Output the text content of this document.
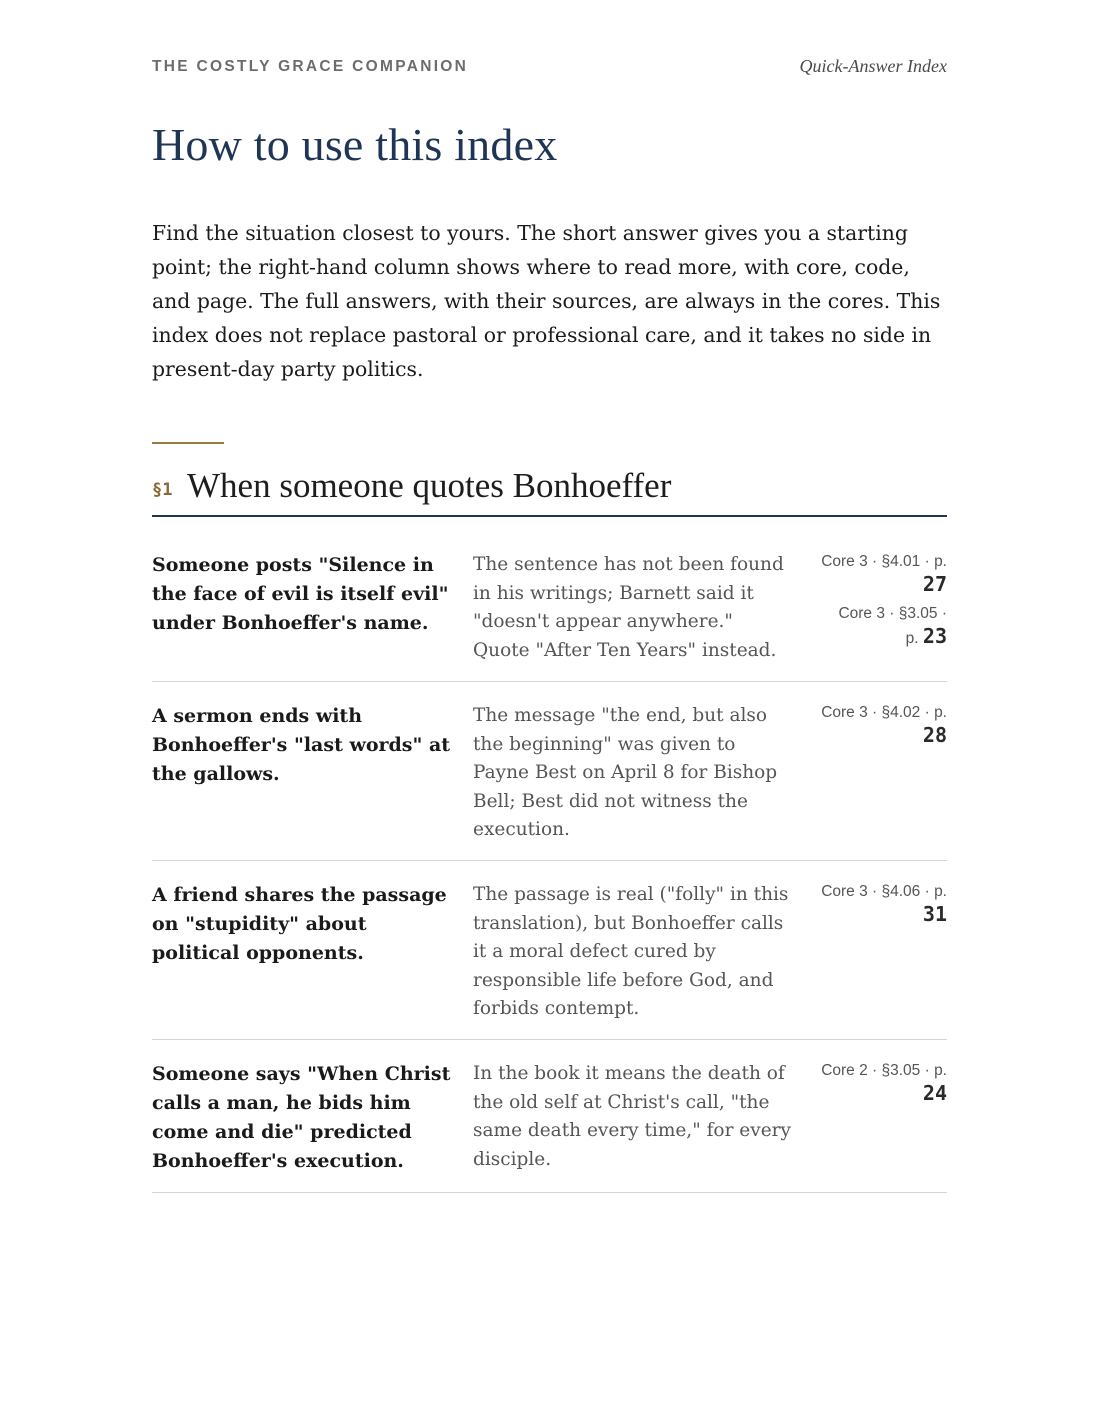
THE COSTLY GRACE COMPANION	Quick-Answer Index
How to use this index

Find the situation closest to yours. The short answer gives you a starting point; the right-hand column shows where to read more, with core, code, and page. The full answers, with their sources, are always in the cores. This index does not replace pastoral or professional care, and it takes no side in present-day party politics.

§1 When someone quotes Bonhoeffer
Someone posts "Silence in the face of evil is itself evil" under Bonhoeffer's name.
The sentence has not been found in his writings; Barnett said it "doesn't appear anywhere." Quote "After Ten Years" instead.
Core 3 · §4.01 · p.
27
Core 3 · §3.05 ·
p. 23
A sermon ends with Bonhoeffer's "last words" at the gallows.
The message "the end, but also the beginning" was given to Payne Best on April 8 for Bishop Bell; Best did not witness the execution.
Core 3 · §4.02 · p.
28
A friend shares the passage on "stupidity" about political opponents.
The passage is real ("folly" in this translation), but Bonhoeffer calls it a moral defect cured by responsible life before God, and forbids contempt.
Core 3 · §4.06 · p.
31
Someone says "When Christ calls a man, he bids him come and die" predicted Bonhoeffer's execution.
In the book it means the death of the old self at Christ's call, "the same death every time," for every disciple.
Core 2 · §3.05 · p.
24
